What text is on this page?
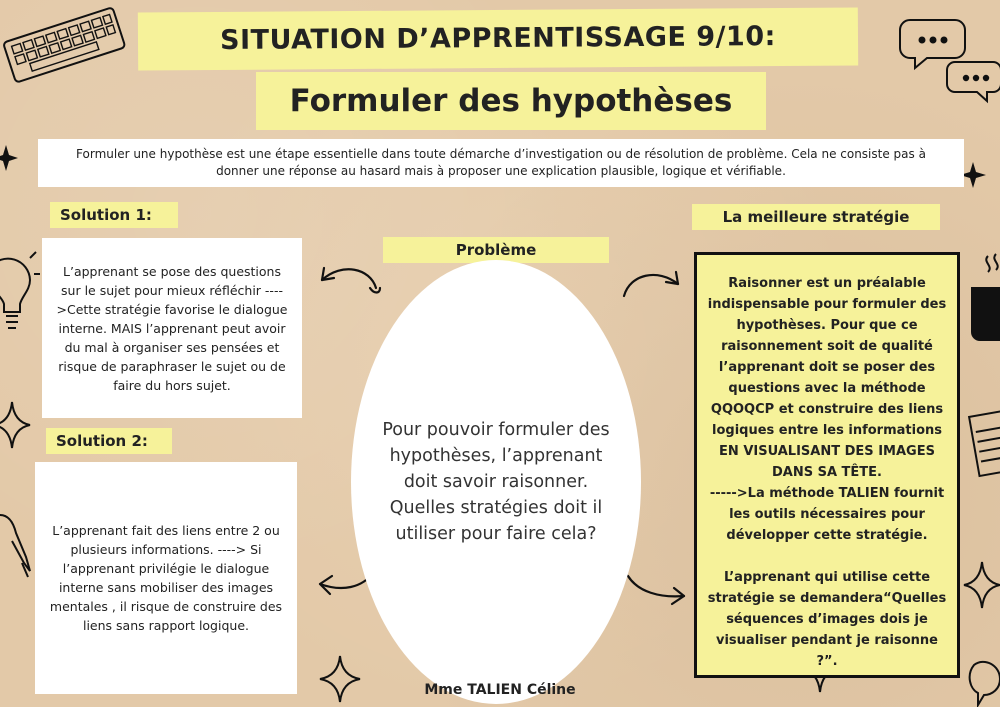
SITUATION D’APPRENTISSAGE 9/10:
Formuler des hypothèses
Formuler une hypothèse est une étape essentielle dans toute démarche d’investigation ou de résolution de problème. Cela ne consiste pas à donner une réponse au hasard mais à proposer une explication plausible, logique et vérifiable.
Solution 1:
Solution 2:
La meilleure stratégie
Problème
L’apprenant se pose des questions sur le sujet pour mieux réfléchir ---->Cette stratégie favorise le dialogue interne. MAIS l’apprenant peut avoir du mal à organiser ses pensées et risque de paraphraser le sujet ou de faire du hors sujet.
L’apprenant fait des liens entre 2 ou plusieurs informations. ----> Si l’apprenant privilégie le dialogue interne sans mobiliser des images mentales , il risque de construire des liens sans rapport logique.
Pour pouvoir formuler des hypothèses, l’apprenant doit savoir raisonner. Quelles stratégies doit il utiliser pour faire cela?
Raisonner est un préalable indispensable pour formuler des hypothèses. Pour que ce raisonnement soit de qualité l’apprenant doit se poser des questions avec la méthode QQOQCP et construire des liens logiques entre les informations EN VISUALISANT DES IMAGES DANS SA TÊTE.
----->La méthode TALIEN fournit les outils nécessaires pour développer cette stratégie.
L’apprenant qui utilise cette stratégie se demandera“Quelles séquences d’images dois je visualiser pendant je raisonne ?”.
Mme TALIEN Céline
